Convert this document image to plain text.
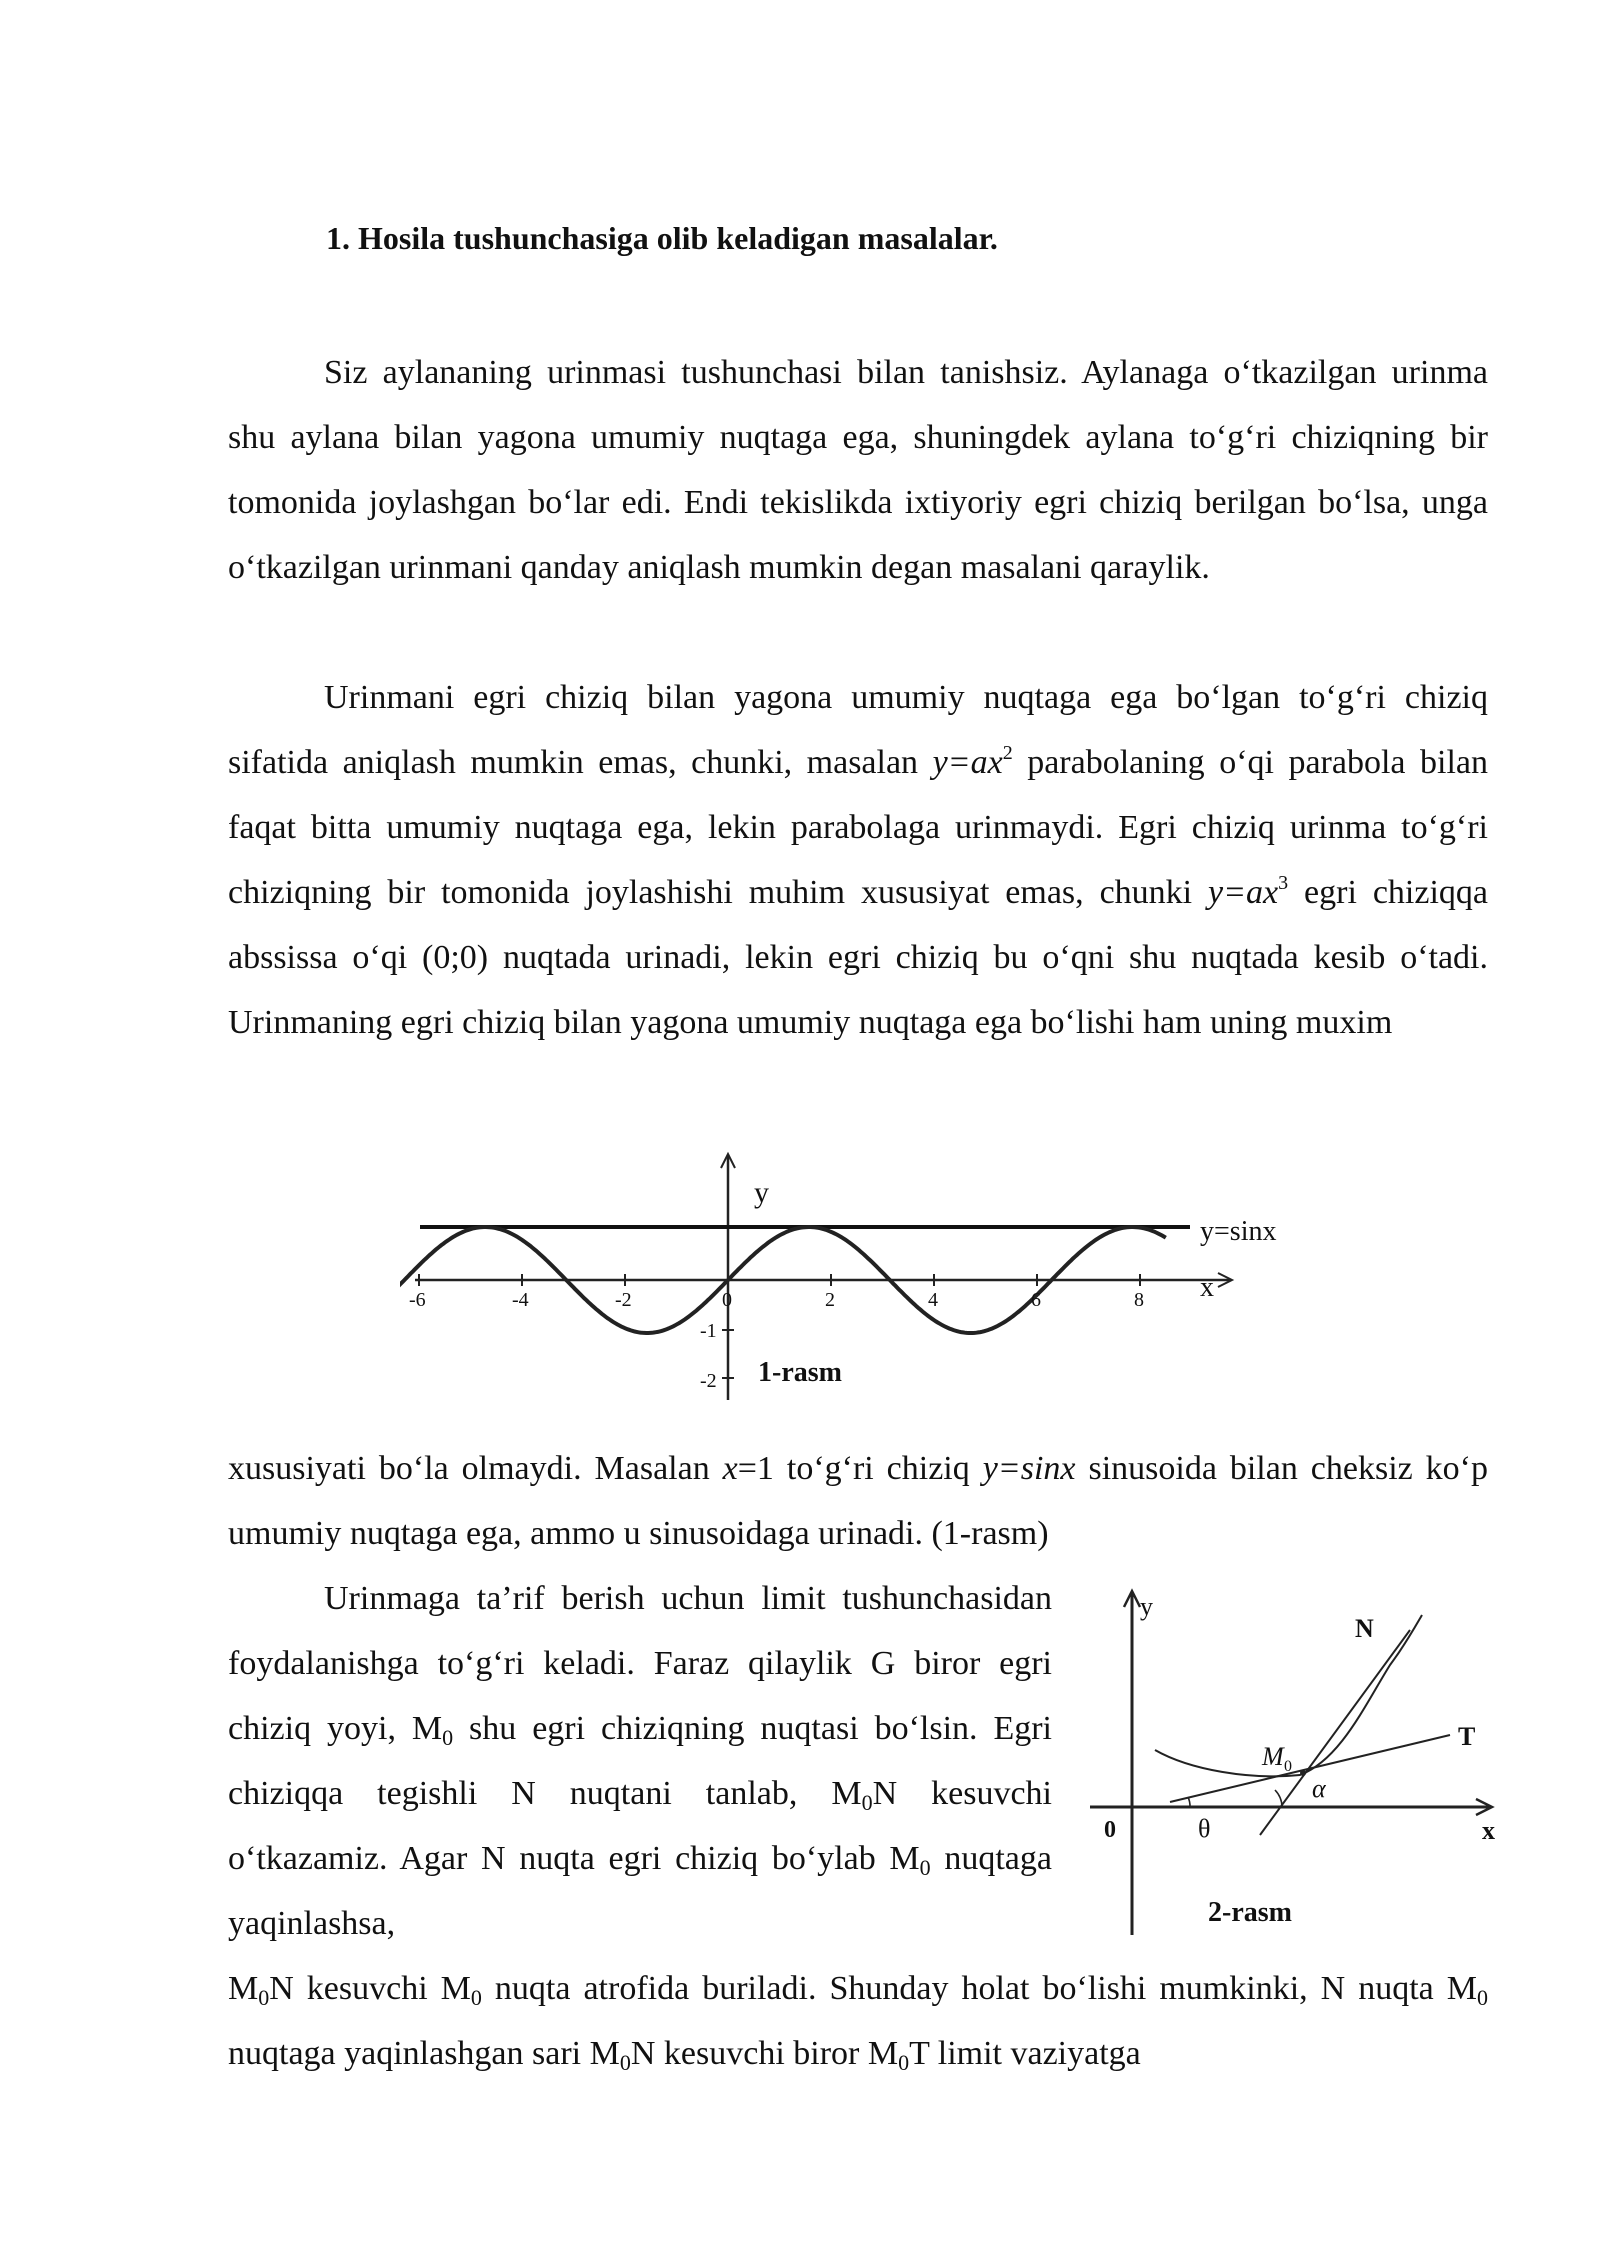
1. Hosila tushunchasiga olib keladigan masalalar.

Siz aylananing urinmasi tushunchasi bilan tanishsiz. Aylanaga o‘tkazilgan urinma shu aylana bilan yagona umumiy nuqtaga ega, shuningdek aylana to‘g‘ri chiziqning bir tomonida joylashgan bo‘lar edi. Endi tekislikda ixtiyoriy egri chiziq berilgan bo‘lsa, unga o‘tkazilgan urinmani qanday aniqlash mumkin degan masalani qaraylik.

Urinmani egri chiziq bilan yagona umumiy nuqtaga ega bo‘lgan to‘g‘ri chiziq sifatida aniqlash mumkin emas, chunki, masalan $y=ax^2$ parabolaning o‘qi parabola bilan faqat bitta umumiy nuqtaga ega, lekin parabolaga urinmaydi. Egri chiziq urinma to‘g‘ri chiziqning bir tomonida joylashishi muhim xususiyat emas, chunki $y=ax^3$ egri chiziqqa abssissa o‘qi (0;0) nuqtada urinadi, lekin egri chiziq bu o‘qni shu nuqtada kesib o‘tadi. Urinmaning egri chiziq bilan yagona umumiy nuqtaga ega bo‘lishi ham uning muxim

-6	-4	-2	0	2	4	6	8
-1
-2
y
y=sinx
x
1-rasm

xususiyati bo‘la olmaydi. Masalan x=1 to‘g‘ri chiziq y=sinx sinusoida bilan cheksiz ko‘p umumiy nuqtaga ega, ammo u sinusoidaga urinadi. (1-rasm)

Urinmaga ta’rif berish uchun limit tushunchasidan foydalanishga to‘g‘ri keladi. Faraz qilaylik G biror egri chiziq yoyi, $M_0$ shu egri chiziqning nuqtasi bo‘lsin. Egri chiziqqa tegishli N nuqtani tanlab, $M_0N$ kesuvchi o‘tkazamiz. Agar N nuqta egri chiziq bo‘ylab $M_0$ nuqtaga yaqinlashsa,

y
0	x
N
T
M 0
α
θ
2-rasm

$M_0N$ kesuvchi $M_0$ nuqta atrofida buriladi. Shunday holat bo‘lishi mumkinki, N nuqta $M_0$ nuqtaga yaqinlashgan sari $M_0N$ kesuvchi biror $M_0T$ limit vaziyatga
